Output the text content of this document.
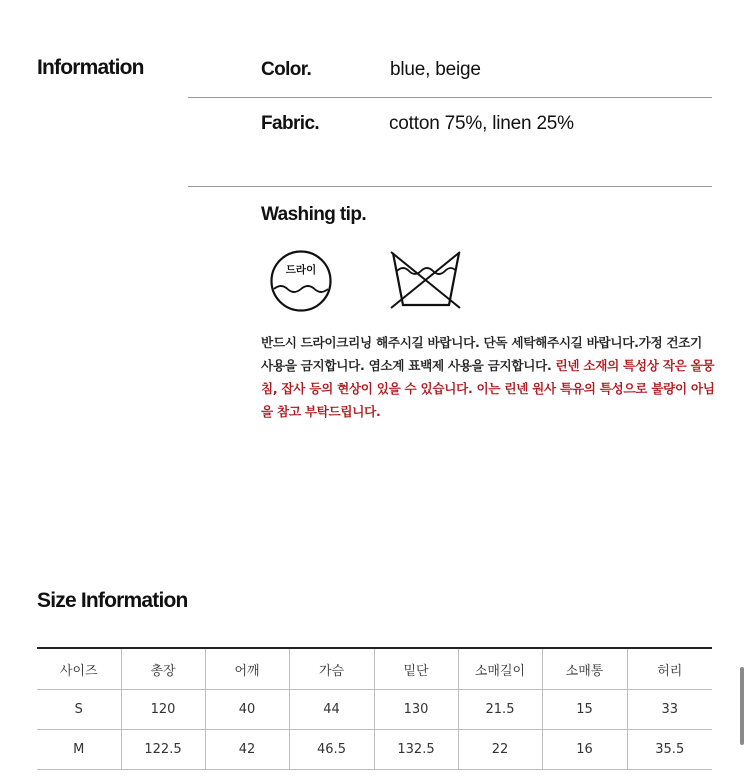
Information	Color.	blue, beige
Fabric.	cotton 75%, linen 25%
Washing tip.
드라이
반드시 드라이크리닝 해주시길 바랍니다. 단독 세탁해주시길 바랍니다.가정 건조기 사용을 금지합니다. 염소계 표백제 사용을 금지합니다. 린넨 소재의 특성상 작은 올뭉침, 잡사 등의 현상이 있을 수 있습니다. 이는 린넨 원사 특유의 특성으로 불량이 아님을 참고 부탁드립니다.
Size Information
사이즈	총장	어깨	가슴	밑단	소매길이	소매통	허리
S	120	40	44	130	21.5	15	33
M	122.5	42	46.5	132.5	22	16	35.5
